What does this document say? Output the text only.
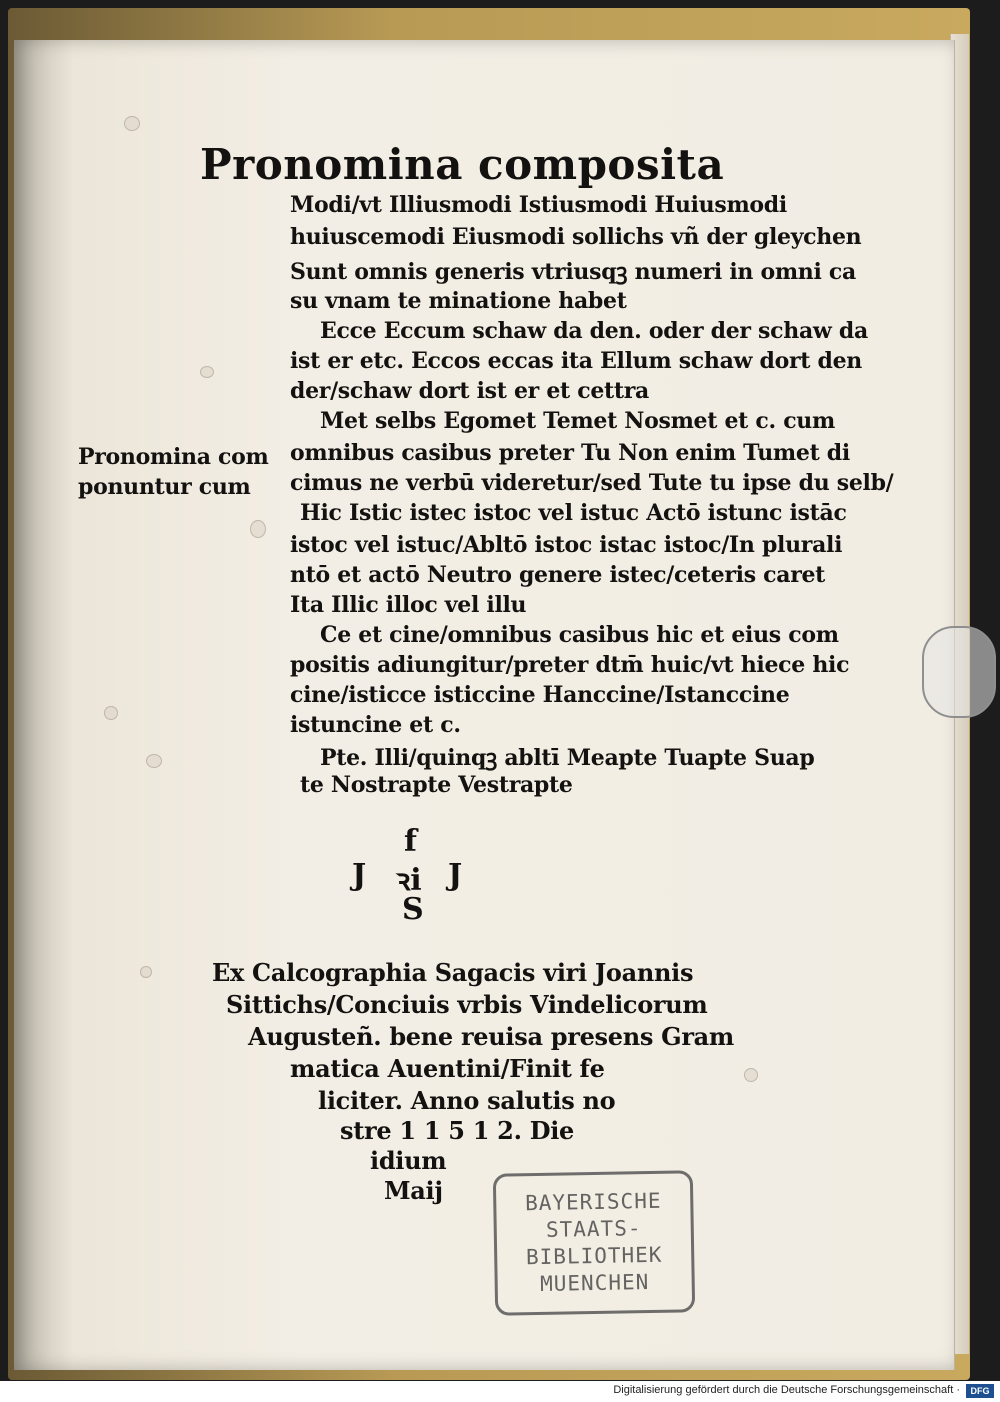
Pronomina composita
Modi/vt Illiusmodi Istiusmodi Huiusmodi
huiuscemodi Eiusmodi sollichs vñ der gleychen
Sunt omnis generis vtriusqꝫ numeri in omni ca
su vnam te minatione habet
Ecce Eccum schaw da den. oder der schaw da
ist er etc. Eccos eccas ita Ellum schaw dort den
der/schaw dort ist er et cettra
Met selbs Egomet Temet Nosmet et c. cum
omnibus casibus preter Tu Non enim Tumet di
cimus ne verbū videretur/sed Tute tu ipse du selb/
Hic Istic istec istoc vel istuc Actō istunc istāc
istoc vel istuc/Abltō istoc istac istoc/In plurali
ntō et actō Neutro genere istec/ceteris caret
Ita Illic illoc vel illu
Ce et cine/omnibus casibus hic et eius com
positis adiungitur/preter dtm̄ huic/vt hiece hic
cine/isticce isticcine Hanccine/Istanccine
istuncine et c.
Pte. Illi/quinqꝫ abltī Meapte Tuapte Suap
te Nostrapte Vestrapte
Pronomina com
ponuntur cum
f
J ꝛi J
S
Ex Calcographia Sagacis viri Joannis
Sittichs/Conciuis vrbis Vindelicorum
Augusteñ. bene reuisa presens Gram
matica Auentini/Finit fe
liciter. Anno salutis no
stre 1 1 5 1 2. Die
idium
Maij	BAYERISCHE
STAATS-
BIBLIOTHEK
MUENCHEN
Digitalisierung gefördert durch die Deutsche Forschungsgemeinschaft ·	DFG
